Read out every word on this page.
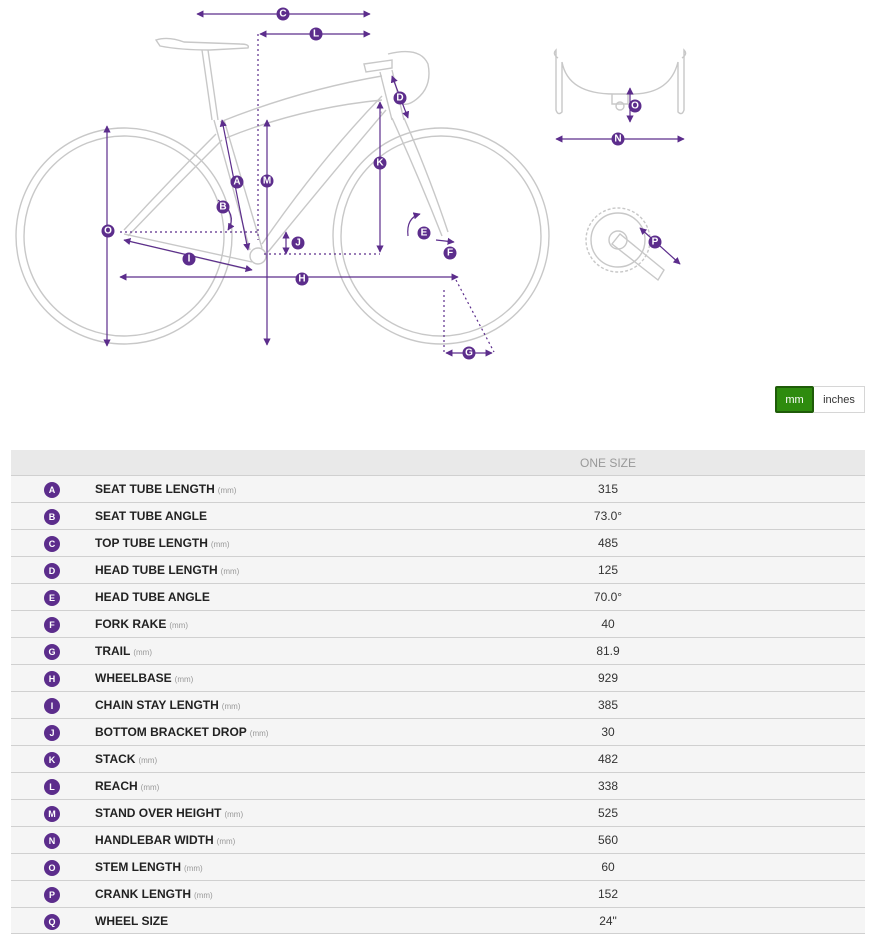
C
L
D
K
A M
B
O	E
J
F
I
H
G
O
N
P
mm	inches
ONE SIZE
A	SEAT TUBE LENGTH (mm)	315
B	SEAT TUBE ANGLE	73.0°
C	TOP TUBE LENGTH (mm)	485
D	HEAD TUBE LENGTH (mm)	125
E	HEAD TUBE ANGLE	70.0°
F	FORK RAKE (mm)	40
G	TRAIL (mm)	81.9
H	WHEELBASE (mm)	929
I	CHAIN STAY LENGTH (mm)	385
J	BOTTOM BRACKET DROP (mm)	30
K	STACK (mm)	482
L	REACH (mm)	338
M	STAND OVER HEIGHT (mm)	525
N	HANDLEBAR WIDTH (mm)	560
O	STEM LENGTH (mm)	60
P	CRANK LENGTH (mm)	152
Q	WHEEL SIZE	24"
